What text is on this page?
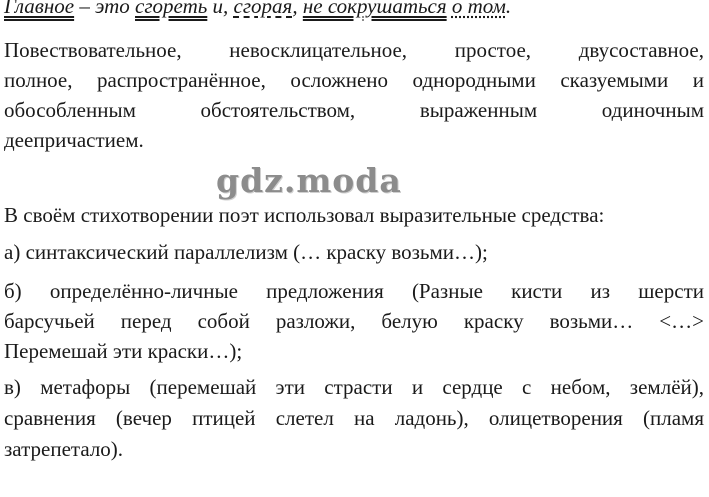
Главное – это сгореть и, сгорая, не сокрушаться о том.
Повествовательное, невосклицательное, простое, двусоставное,
полное, распространённое, осложнено однородными сказуемыми и
обособленным обстоятельством, выраженным одиночным
деепричастием.
gdz.moda
В своём стихотворении поэт использовал выразительные средства:
а) синтаксический параллелизм (… краску возьми…);
б) определённо-личные предложения (Разные кисти из шерсти
барсучьей перед собой разложи, белую краску возьми… <…>
Перемешай эти краски…);
в) метафоры (перемешай эти страсти и сердце с небом, землёй),
сравнения (вечер птицей слетел на ладонь), олицетворения (пламя
затрепетало).
